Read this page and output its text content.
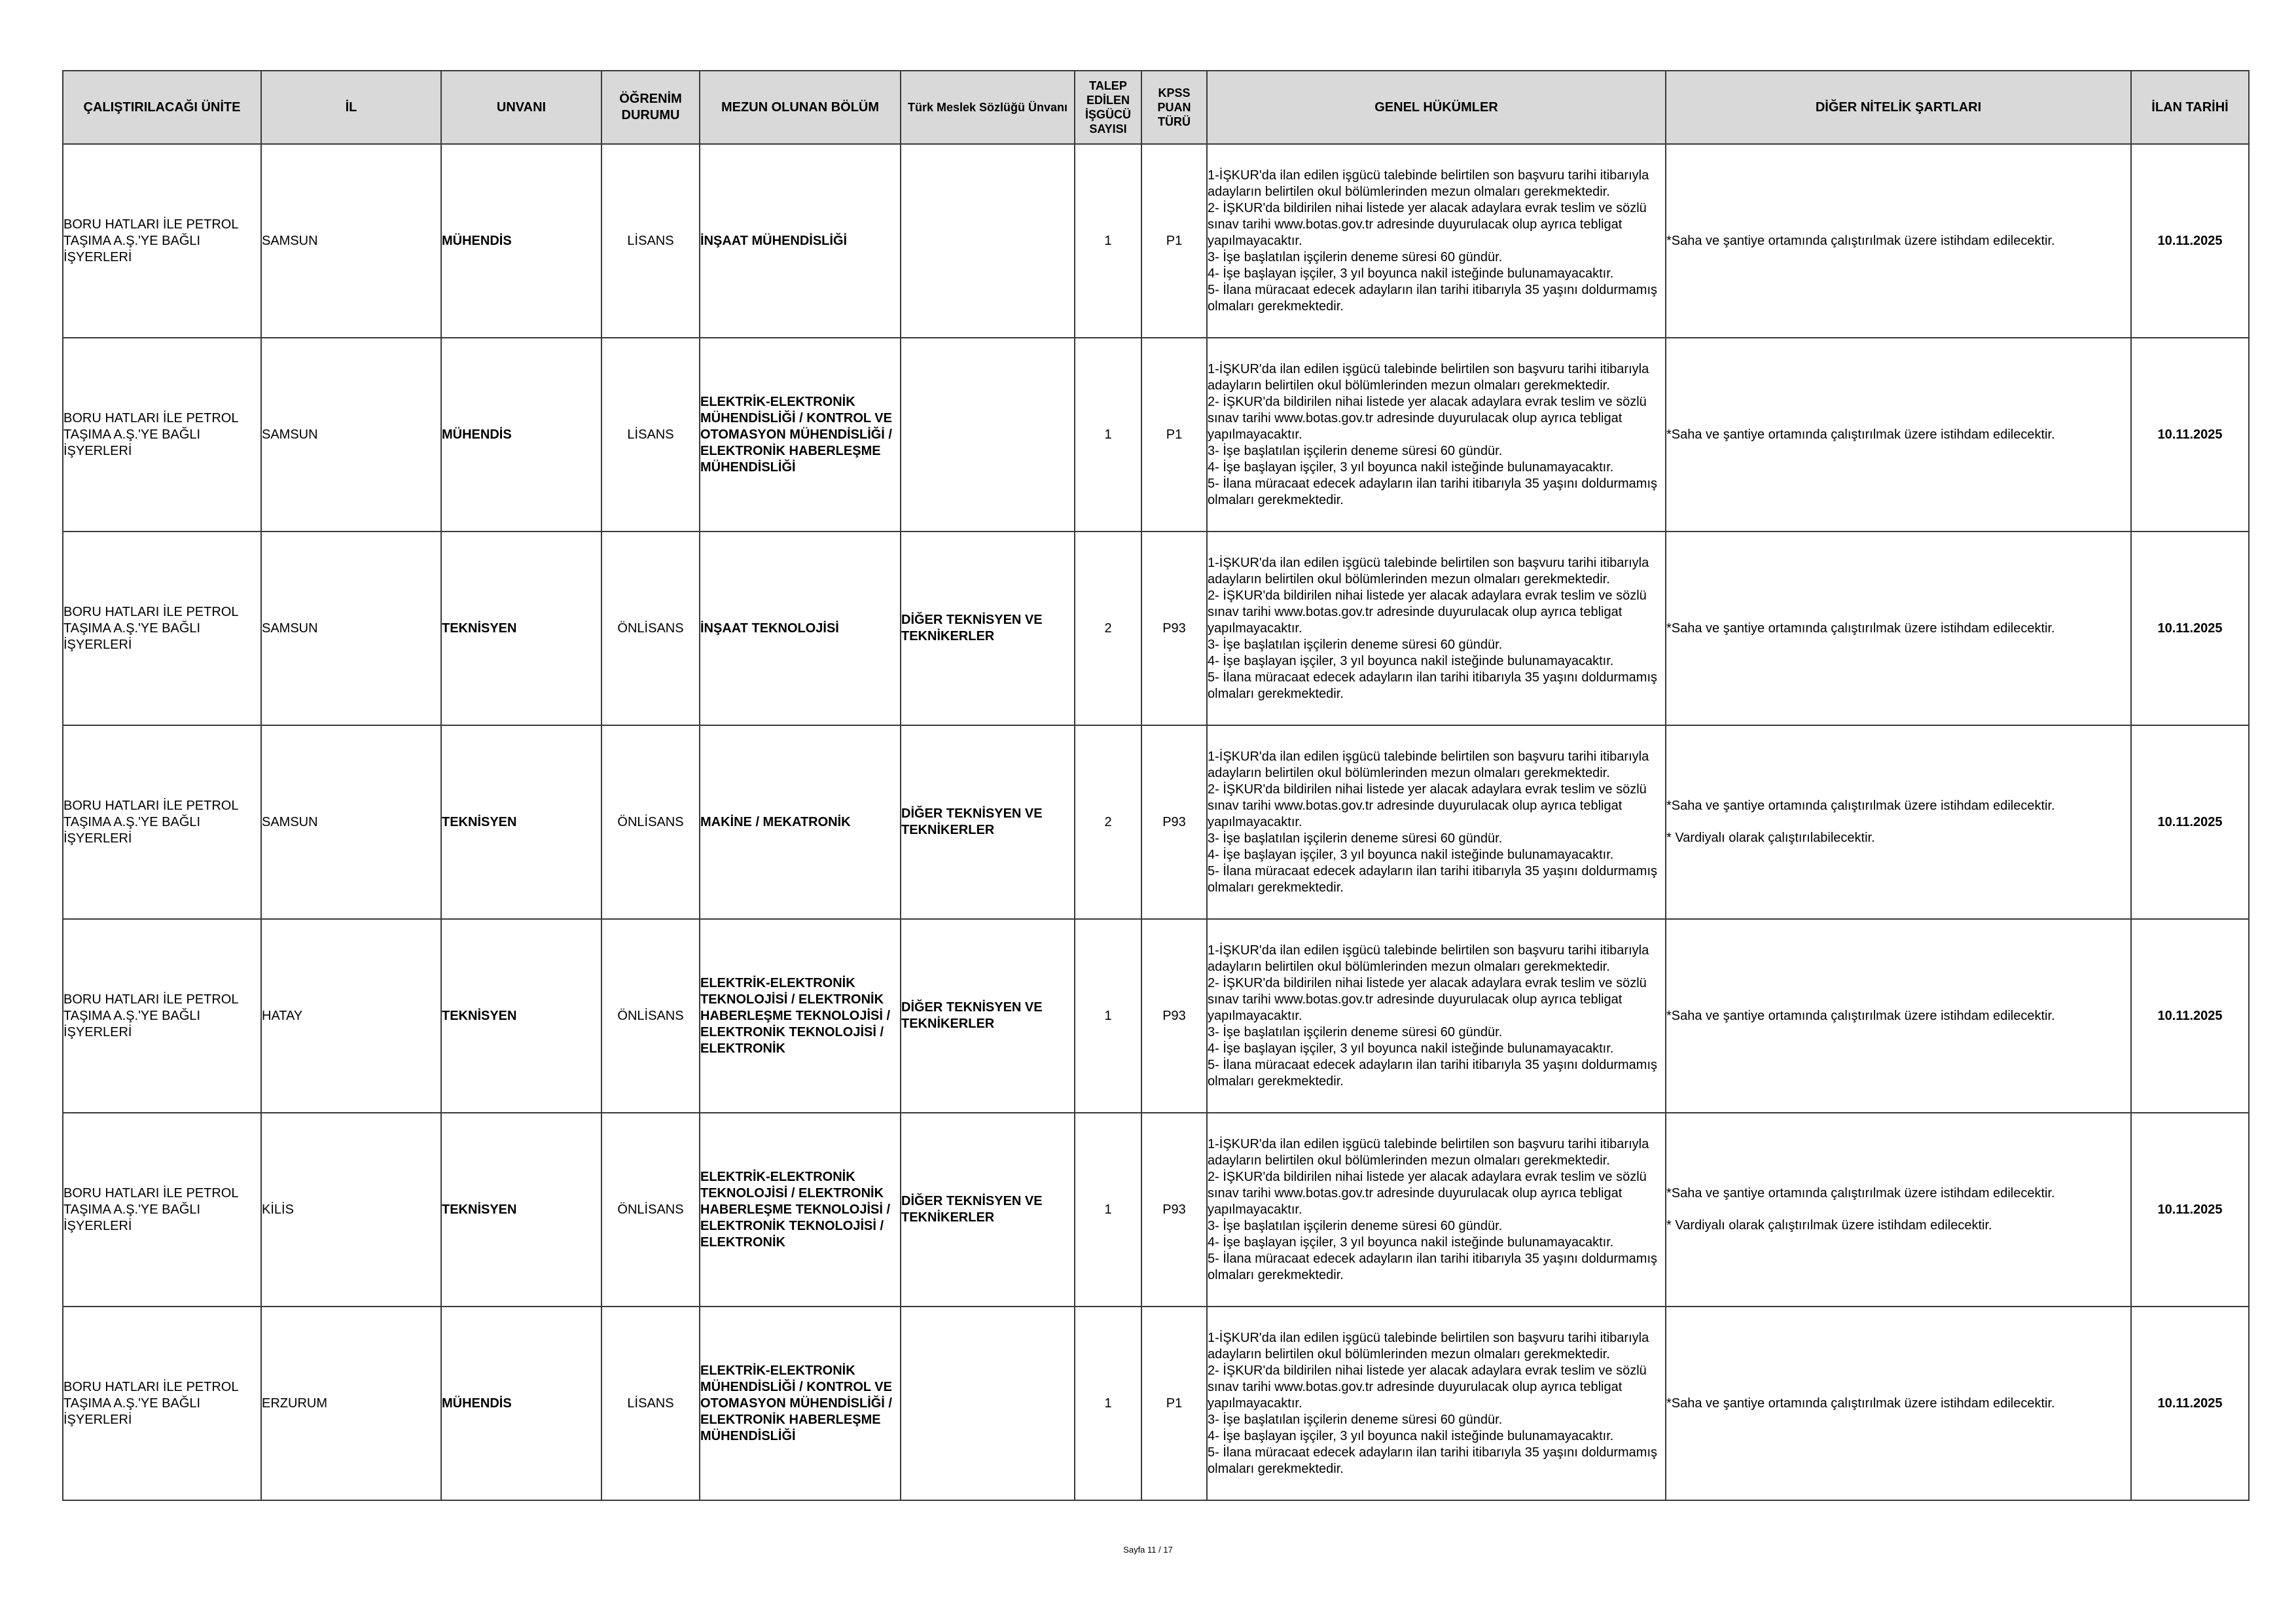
ÇALIŞTIRILACAĞI ÜNİTE	İL	UNVANI	ÖĞRENİM DURUMU	MEZUN OLUNAN BÖLÜM	Türk Meslek Sözlüğü Ünvanı	TALEP EDİLEN İŞGÜCÜ SAYISI	KPSS PUAN TÜRÜ	GENEL HÜKÜMLER	DİĞER NİTELİK ŞARTLARI	İLAN TARİHİ
BORU HATLARI İLE PETROL TAŞIMA A.Ş.'YE BAĞLI İŞYERLERİ	SAMSUN	MÜHENDİS	LİSANS	İNŞAAT MÜHENDİSLİĞİ		1	P1	1-İŞKUR'da ilan edilen işgücü talebinde belirtilen son başvuru tarihi itibarıyla adayların belirtilen okul bölümlerinden mezun olmaları gerekmektedir.
2- İŞKUR'da bildirilen nihai listede yer alacak adaylara evrak teslim ve sözlü sınav tarihi www.botas.gov.tr adresinde duyurulacak olup ayrıca tebligat yapılmayacaktır.
3- İşe başlatılan işçilerin deneme süresi 60 gündür.
4- İşe başlayan işçiler, 3 yıl boyunca nakil isteğinde bulunamayacaktır.
5- İlana müracaat edecek adayların ilan tarihi itibarıyla 35 yaşını doldurmamış olmaları gerekmektedir.	*Saha ve şantiye ortamında çalıştırılmak üzere istihdam edilecektir.	10.11.2025
BORU HATLARI İLE PETROL TAŞIMA A.Ş.'YE BAĞLI İŞYERLERİ	SAMSUN	MÜHENDİS	LİSANS	ELEKTRİK-ELEKTRONİK MÜHENDİSLİĞİ / KONTROL VE OTOMASYON MÜHENDİSLİĞİ / ELEKTRONİK HABERLEŞME MÜHENDİSLİĞİ		1	P1	1-İŞKUR'da ilan edilen işgücü talebinde belirtilen son başvuru tarihi itibarıyla adayların belirtilen okul bölümlerinden mezun olmaları gerekmektedir.
2- İŞKUR'da bildirilen nihai listede yer alacak adaylara evrak teslim ve sözlü sınav tarihi www.botas.gov.tr adresinde duyurulacak olup ayrıca tebligat yapılmayacaktır.
3- İşe başlatılan işçilerin deneme süresi 60 gündür.
4- İşe başlayan işçiler, 3 yıl boyunca nakil isteğinde bulunamayacaktır.
5- İlana müracaat edecek adayların ilan tarihi itibarıyla 35 yaşını doldurmamış olmaları gerekmektedir.	*Saha ve şantiye ortamında çalıştırılmak üzere istihdam edilecektir.	10.11.2025
BORU HATLARI İLE PETROL TAŞIMA A.Ş.'YE BAĞLI İŞYERLERİ	SAMSUN	TEKNİSYEN	ÖNLİSANS	İNŞAAT TEKNOLOJİSİ	DİĞER TEKNİSYEN VE TEKNİKERLER	2	P93	1-İŞKUR'da ilan edilen işgücü talebinde belirtilen son başvuru tarihi itibarıyla adayların belirtilen okul bölümlerinden mezun olmaları gerekmektedir.
2- İŞKUR'da bildirilen nihai listede yer alacak adaylara evrak teslim ve sözlü sınav tarihi www.botas.gov.tr adresinde duyurulacak olup ayrıca tebligat yapılmayacaktır.
3- İşe başlatılan işçilerin deneme süresi 60 gündür.
4- İşe başlayan işçiler, 3 yıl boyunca nakil isteğinde bulunamayacaktır.
5- İlana müracaat edecek adayların ilan tarihi itibarıyla 35 yaşını doldurmamış olmaları gerekmektedir.	*Saha ve şantiye ortamında çalıştırılmak üzere istihdam edilecektir.	10.11.2025
BORU HATLARI İLE PETROL TAŞIMA A.Ş.'YE BAĞLI İŞYERLERİ	SAMSUN	TEKNİSYEN	ÖNLİSANS	MAKİNE / MEKATRONİK	DİĞER TEKNİSYEN VE TEKNİKERLER	2	P93	1-İŞKUR'da ilan edilen işgücü talebinde belirtilen son başvuru tarihi itibarıyla adayların belirtilen okul bölümlerinden mezun olmaları gerekmektedir.
2- İŞKUR'da bildirilen nihai listede yer alacak adaylara evrak teslim ve sözlü sınav tarihi www.botas.gov.tr adresinde duyurulacak olup ayrıca tebligat yapılmayacaktır.
3- İşe başlatılan işçilerin deneme süresi 60 gündür.
4- İşe başlayan işçiler, 3 yıl boyunca nakil isteğinde bulunamayacaktır.
5- İlana müracaat edecek adayların ilan tarihi itibarıyla 35 yaşını doldurmamış olmaları gerekmektedir.	*Saha ve şantiye ortamında çalıştırılmak üzere istihdam edilecektir.
* Vardiyalı olarak çalıştırılabilecektir.	10.11.2025
BORU HATLARI İLE PETROL TAŞIMA A.Ş.'YE BAĞLI İŞYERLERİ	HATAY	TEKNİSYEN	ÖNLİSANS	ELEKTRİK-ELEKTRONİK TEKNOLOJİSİ / ELEKTRONİK HABERLEŞME TEKNOLOJİSİ / ELEKTRONİK TEKNOLOJİSİ / ELEKTRONİK	DİĞER TEKNİSYEN VE TEKNİKERLER	1	P93	1-İŞKUR'da ilan edilen işgücü talebinde belirtilen son başvuru tarihi itibarıyla adayların belirtilen okul bölümlerinden mezun olmaları gerekmektedir.
2- İŞKUR'da bildirilen nihai listede yer alacak adaylara evrak teslim ve sözlü sınav tarihi www.botas.gov.tr adresinde duyurulacak olup ayrıca tebligat yapılmayacaktır.
3- İşe başlatılan işçilerin deneme süresi 60 gündür.
4- İşe başlayan işçiler, 3 yıl boyunca nakil isteğinde bulunamayacaktır.
5- İlana müracaat edecek adayların ilan tarihi itibarıyla 35 yaşını doldurmamış olmaları gerekmektedir.	*Saha ve şantiye ortamında çalıştırılmak üzere istihdam edilecektir.	10.11.2025
BORU HATLARI İLE PETROL TAŞIMA A.Ş.'YE BAĞLI İŞYERLERİ	KİLİS	TEKNİSYEN	ÖNLİSANS	ELEKTRİK-ELEKTRONİK TEKNOLOJİSİ / ELEKTRONİK HABERLEŞME TEKNOLOJİSİ / ELEKTRONİK TEKNOLOJİSİ / ELEKTRONİK	DİĞER TEKNİSYEN VE TEKNİKERLER	1	P93	1-İŞKUR'da ilan edilen işgücü talebinde belirtilen son başvuru tarihi itibarıyla adayların belirtilen okul bölümlerinden mezun olmaları gerekmektedir.
2- İŞKUR'da bildirilen nihai listede yer alacak adaylara evrak teslim ve sözlü sınav tarihi www.botas.gov.tr adresinde duyurulacak olup ayrıca tebligat yapılmayacaktır.
3- İşe başlatılan işçilerin deneme süresi 60 gündür.
4- İşe başlayan işçiler, 3 yıl boyunca nakil isteğinde bulunamayacaktır.
5- İlana müracaat edecek adayların ilan tarihi itibarıyla 35 yaşını doldurmamış olmaları gerekmektedir.	*Saha ve şantiye ortamında çalıştırılmak üzere istihdam edilecektir.
* Vardiyalı olarak çalıştırılmak üzere istihdam edilecektir.	10.11.2025
BORU HATLARI İLE PETROL TAŞIMA A.Ş.'YE BAĞLI İŞYERLERİ	ERZURUM	MÜHENDİS	LİSANS	ELEKTRİK-ELEKTRONİK MÜHENDİSLİĞİ / KONTROL VE OTOMASYON MÜHENDİSLİĞİ / ELEKTRONİK HABERLEŞME MÜHENDİSLİĞİ		1	P1	1-İŞKUR'da ilan edilen işgücü talebinde belirtilen son başvuru tarihi itibarıyla adayların belirtilen okul bölümlerinden mezun olmaları gerekmektedir.
2- İŞKUR'da bildirilen nihai listede yer alacak adaylara evrak teslim ve sözlü sınav tarihi www.botas.gov.tr adresinde duyurulacak olup ayrıca tebligat yapılmayacaktır.
3- İşe başlatılan işçilerin deneme süresi 60 gündür.
4- İşe başlayan işçiler, 3 yıl boyunca nakil isteğinde bulunamayacaktır.
5- İlana müracaat edecek adayların ilan tarihi itibarıyla 35 yaşını doldurmamış olmaları gerekmektedir.	*Saha ve şantiye ortamında çalıştırılmak üzere istihdam edilecektir.	10.11.2025
Sayfa 11 / 17
